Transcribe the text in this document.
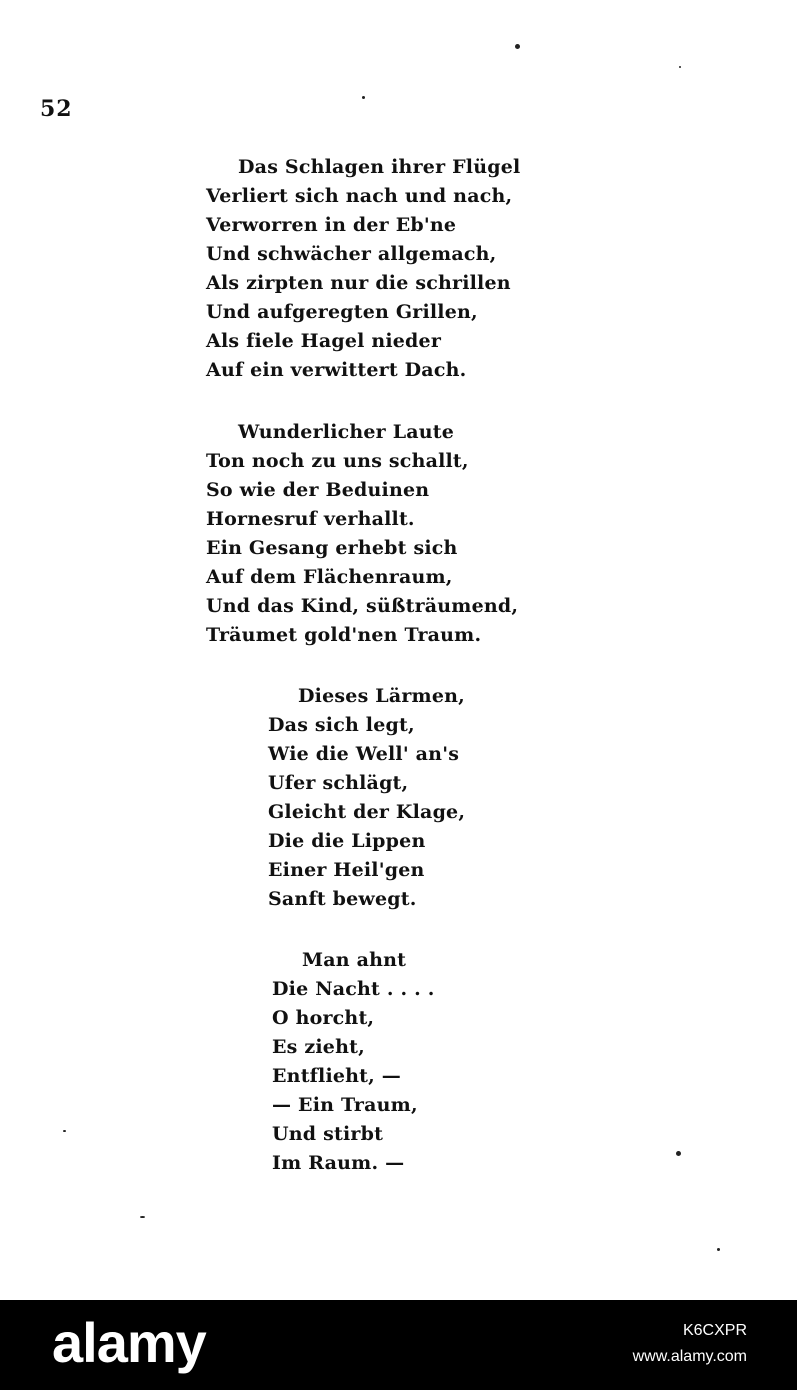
52
Das Schlagen ihrer Flügel
Verliert sich nach und nach,
Verworren in der Eb'ne
Und schwächer allgemach,
Als zirpten nur die schrillen
Und aufgeregten Grillen,
Als fiele Hagel nieder
Auf ein verwittert Dach.
Wunderlicher Laute
Ton noch zu uns schallt,
So wie der Beduinen
Hornesruf verhallt.
Ein Gesang erhebt sich
Auf dem Flächenraum,
Und das Kind, süßträumend,
Träumet gold'nen Traum.
Dieses Lärmen,
Das sich legt,
Wie die Well' an's
Ufer schlägt,
Gleicht der Klage,
Die die Lippen
Einer Heil'gen
Sanft bewegt.
Man ahnt
Die Nacht . . . .
O horcht,
Es zieht,
Entflieht, —
— Ein Traum,
Und stirbt
Im Raum. —
alamy	K6CXPR
www.alamy.com
